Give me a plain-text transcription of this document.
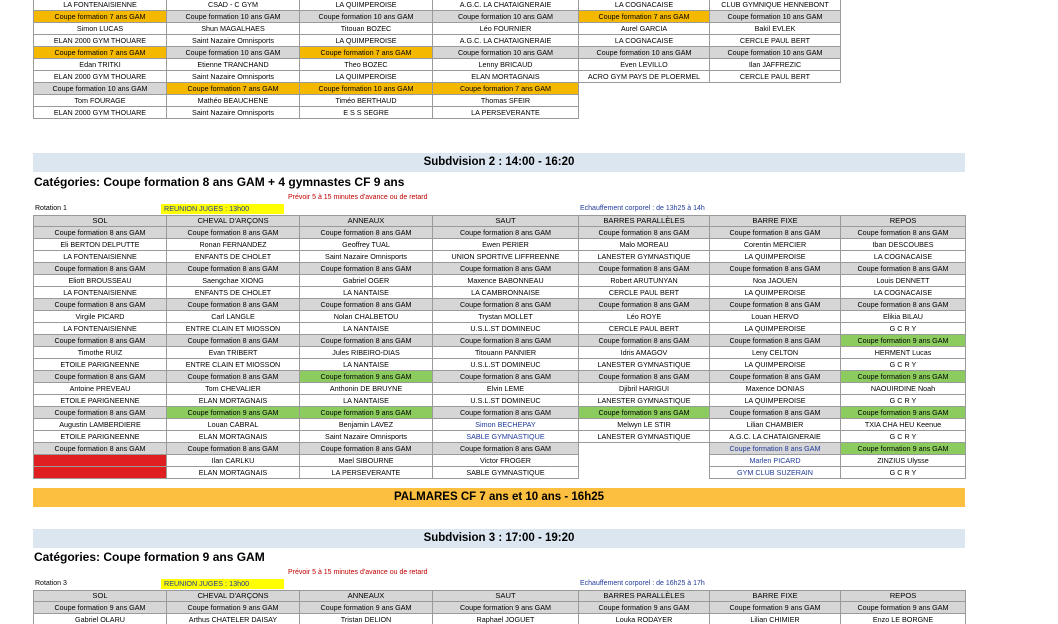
LA FONTENAISIENNE	CSAD - C GYM	LA QUIMPEROISE	A.G.C. LA CHATAIGNERAIE	LA COGNACAISE	CLUB GYMNIQUE HENNEBONT
Coupe formation 7 ans GAM	Coupe formation 10 ans GAM	Coupe formation 10 ans GAM	Coupe formation 10 ans GAM	Coupe formation 7 ans GAM	Coupe formation 10 ans GAM
Simon LUCAS	Shun MAGALHAES	Titouan BOZEC	Léo FOURNIER	Aurel GARCIA	Bakil EVLEK
ELAN 2000 GYM THOUARE	Saint Nazaire Omnisports	LA QUIMPEROISE	A.G.C. LA CHATAIGNERAIE	LA COGNACAISE	CERCLE PAUL BERT
Coupe formation 7 ans GAM	Coupe formation 10 ans GAM	Coupe formation 7 ans GAM	Coupe formation 10 ans GAM	Coupe formation 10 ans GAM	Coupe formation 10 ans GAM
Edan TRITKI	Etienne TRANCHAND	Theo BOZEC	Lenny BRICAUD	Even LEVILLO	Ilan JAFFREZIC
ELAN 2000 GYM THOUARE	Saint Nazaire Omnisports	LA QUIMPEROISE	ELAN MORTAGNAIS	ACRO GYM PAYS DE PLOERMEL	CERCLE PAUL BERT
Coupe formation 10 ans GAM	Coupe formation 7 ans GAM	Coupe formation 10 ans GAM	Coupe formation 7 ans GAM		
Tom FOURAGE	Mathéo BEAUCHENE	Timéo BERTHAUD	Thomas SFEIR		
ELAN 2000 GYM THOUARE	Saint Nazaire Omnisports	E S S SEGRE	LA PERSEVERANTE		
Subdvision 2 : 14:00 - 16:20
Catégories: Coupe formation 8 ans GAM + 4 gymnastes CF 9 ans
Prévoir 5 à 15 minutes d'avance ou de retard
Rotation 1	REUNION JUGES : 13h00	Echauffement corporel : de 13h25 à 14h
SOL	CHEVAL D'ARÇONS	ANNEAUX	SAUT	BARRES PARALLÈLES	BARRE FIXE	REPOS
Coupe formation 8 ans GAM	Coupe formation 8 ans GAM	Coupe formation 8 ans GAM	Coupe formation 8 ans GAM	Coupe formation 8 ans GAM	Coupe formation 8 ans GAM	Coupe formation 8 ans GAM
Eli BERTON DELPUTTE	Ronan FERNANDEZ	Geoffrey TUAL	Ewen PERIER	Malo MOREAU	Corentin MERCIER	Iban DESCOUBES
LA FONTENAISIENNE	ENFANTS DE CHOLET	Saint Nazaire Omnisports	UNION SPORTIVE LIFFREENNE	LANESTER GYMNASTIQUE	LA QUIMPEROISE	LA COGNACAISE
Coupe formation 8 ans GAM	Coupe formation 8 ans GAM	Coupe formation 8 ans GAM	Coupe formation 8 ans GAM	Coupe formation 8 ans GAM	Coupe formation 8 ans GAM	Coupe formation 8 ans GAM
Eliott BROUSSEAU	Saengchae XIONG	Gabriel OGER	Maxence BABONNEAU	Robert ARUTUNYAN	Noa JAOUEN	Louis DENNETT
LA FONTENAISIENNE	ENFANTS DE CHOLET	LA NANTAISE	LA CAMBRONNAISE	CERCLE PAUL BERT	LA QUIMPEROISE	LA COGNACAISE
Coupe formation 8 ans GAM	Coupe formation 8 ans GAM	Coupe formation 8 ans GAM	Coupe formation 8 ans GAM	Coupe formation 8 ans GAM	Coupe formation 8 ans GAM	Coupe formation 8 ans GAM
Virgile PICARD	Carl LANGLE	Nolan CHALBETOU	Trystan MOLLET	Léo ROYE	Louan HERVO	Elikia BILAU
LA FONTENAISIENNE	ENTRE CLAIN ET MIOSSON	LA NANTAISE	U.S.L.ST DOMINEUC	CERCLE PAUL BERT	LA QUIMPEROISE	G C R Y
Coupe formation 8 ans GAM	Coupe formation 8 ans GAM	Coupe formation 8 ans GAM	Coupe formation 8 ans GAM	Coupe formation 8 ans GAM	Coupe formation 8 ans GAM	Coupe formation 9 ans GAM
Timothe RUIZ	Evan TRIBERT	Jules RIBEIRO-DIAS	Titouann PANNIER	Idris AMAGOV	Leny CELTON	HERMENT Lucas
ETOILE PARIGNEENNE	ENTRE CLAIN ET MIOSSON	LA NANTAISE	U.S.L.ST DOMINEUC	LANESTER GYMNASTIQUE	LA QUIMPEROISE	G C R Y
Coupe formation 8 ans GAM	Coupe formation 8 ans GAM	Coupe formation 9 ans GAM	Coupe formation 8 ans GAM	Coupe formation 8 ans GAM	Coupe formation 8 ans GAM	Coupe formation 9 ans GAM
Antoine PREVEAU	Tom CHEVALIER	Anthonin DE BRUYNE	Elvin LEME	Djibril HARIGUI	Maxence DONIAS	NAOUIRDINE Noah
ETOILE PARIGNEENNE	ELAN MORTAGNAIS	LA NANTAISE	U.S.L.ST DOMINEUC	LANESTER GYMNASTIQUE	LA QUIMPEROISE	G C R Y
Coupe formation 8 ans GAM	Coupe formation 9 ans GAM	Coupe formation 9 ans GAM	Coupe formation 8 ans GAM	Coupe formation 9 ans GAM	Coupe formation 8 ans GAM	Coupe formation 9 ans GAM
Augustin LAMBERDIERE	Louan CABRAL	Benjamin LAVEZ	Simon BECHEPAY	Melwyn LE STIR	Lilian CHAMBIER	TXIA CHA HEU Keenue
ETOILE PARIGNEENNE	ELAN MORTAGNAIS	Saint Nazaire Omnisports	SABLE GYMNASTIQUE	LANESTER GYMNASTIQUE	A.G.C. LA CHATAIGNERAIE	G C R Y
Coupe formation 8 ans GAM	Coupe formation 8 ans GAM	Coupe formation 8 ans GAM	Coupe formation 8 ans GAM		Coupe formation 8 ans GAM	Coupe formation 9 ans GAM
	Ilan CARLKU	Mael SIBOURNE	Victor FROGER		Marlen PICARD	ZINZIUS Ulysse
	ELAN MORTAGNAIS	LA PERSEVERANTE	SABLE GYMNASTIQUE		GYM CLUB SUZERAIN	G C R Y
PALMARES CF 7 ans et 10 ans - 16h25
Subdvision 3 : 17:00 - 19:20
Catégories: Coupe formation 9 ans GAM
Prévoir 5 à 15 minutes d'avance ou de retard
Rotation 3	REUNION JUGES : 13h00	Echauffement corporel : de 16h25 à 17h
SOL	CHEVAL D'ARÇONS	ANNEAUX	SAUT	BARRES PARALLÈLES	BARRE FIXE	REPOS
Coupe formation 9 ans GAM	Coupe formation 9 ans GAM	Coupe formation 9 ans GAM	Coupe formation 9 ans GAM	Coupe formation 9 ans GAM	Coupe formation 9 ans GAM	Coupe formation 9 ans GAM
Gabriel OLARU	Arthus CHATELER DAISAY	Tristan DELION	Raphael JOGUET	Louka RODAYER	Lilian CHIMIER	Enzo LE BORGNE
